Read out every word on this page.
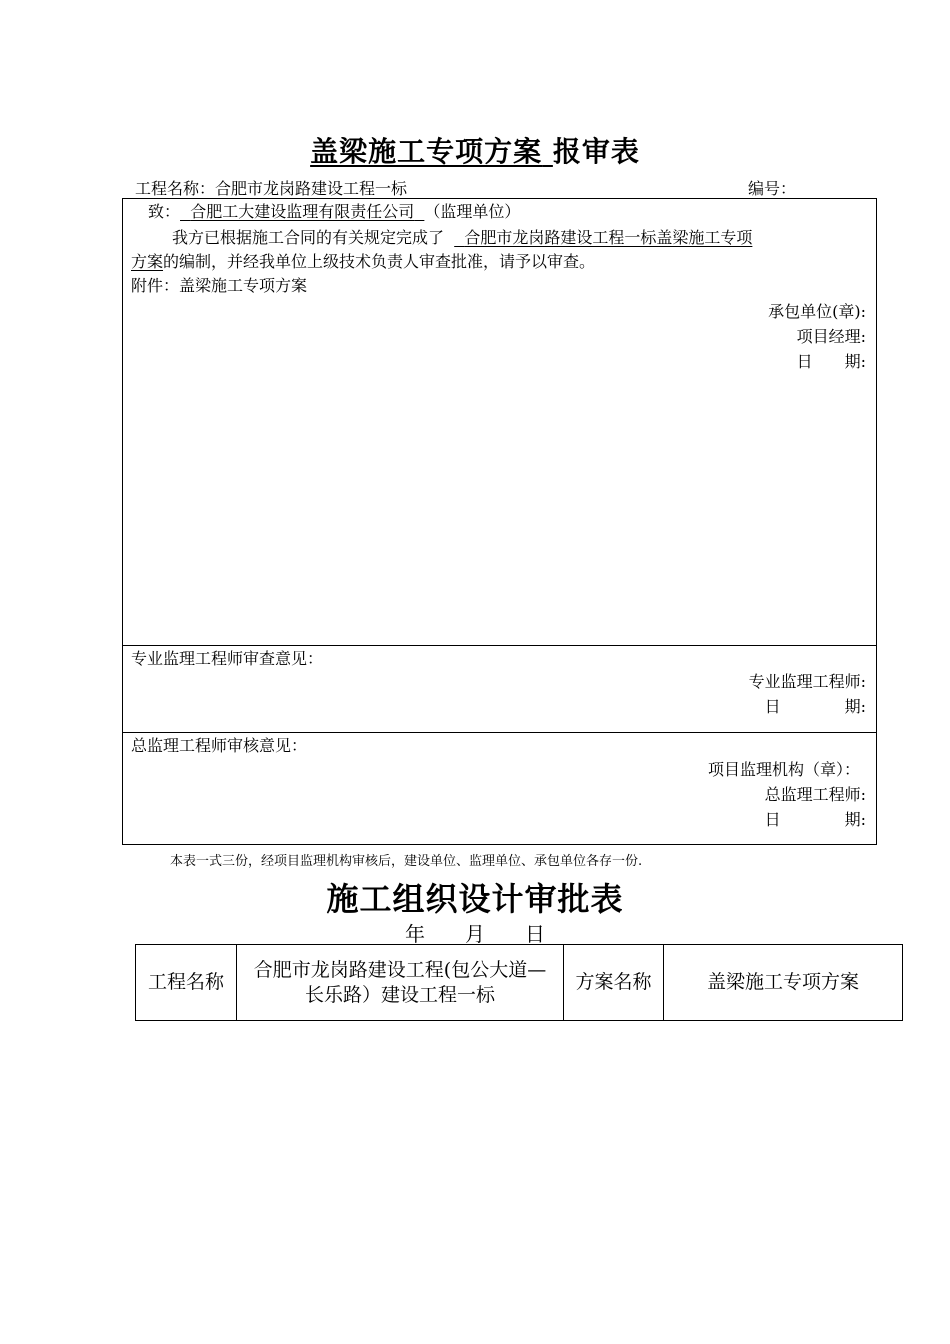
盖梁施工专项方案 报审表
工程名称：合肥市龙岗路建设工程一标	编号：
致： 合肥工大建设监理有限责任公司 （监理单位）
我方已根据施工合同的有关规定完成了 合肥市龙岗路建设工程一标盖梁施工专项
方案的编制，并经我单位上级技术负责人审查批准，请予以审查。
附件：盖梁施工专项方案
承包单位(章):
项目经理:
日　　期:
专业监理工程师审查意见：
专业监理工程师:
日　　　　期:
总监理工程师审核意见：
项目监理机构（章）：
总监理工程师:
日　　　　期:
本表一式三份，经项目监理机构审核后，建设单位、监理单位、承包单位各存一份.
施工组织设计审批表
年　　月　　日
工程名称	合肥市龙岗路建设工程(包公大道—长乐路）建设工程一标	方案名称	盖梁施工专项方案
